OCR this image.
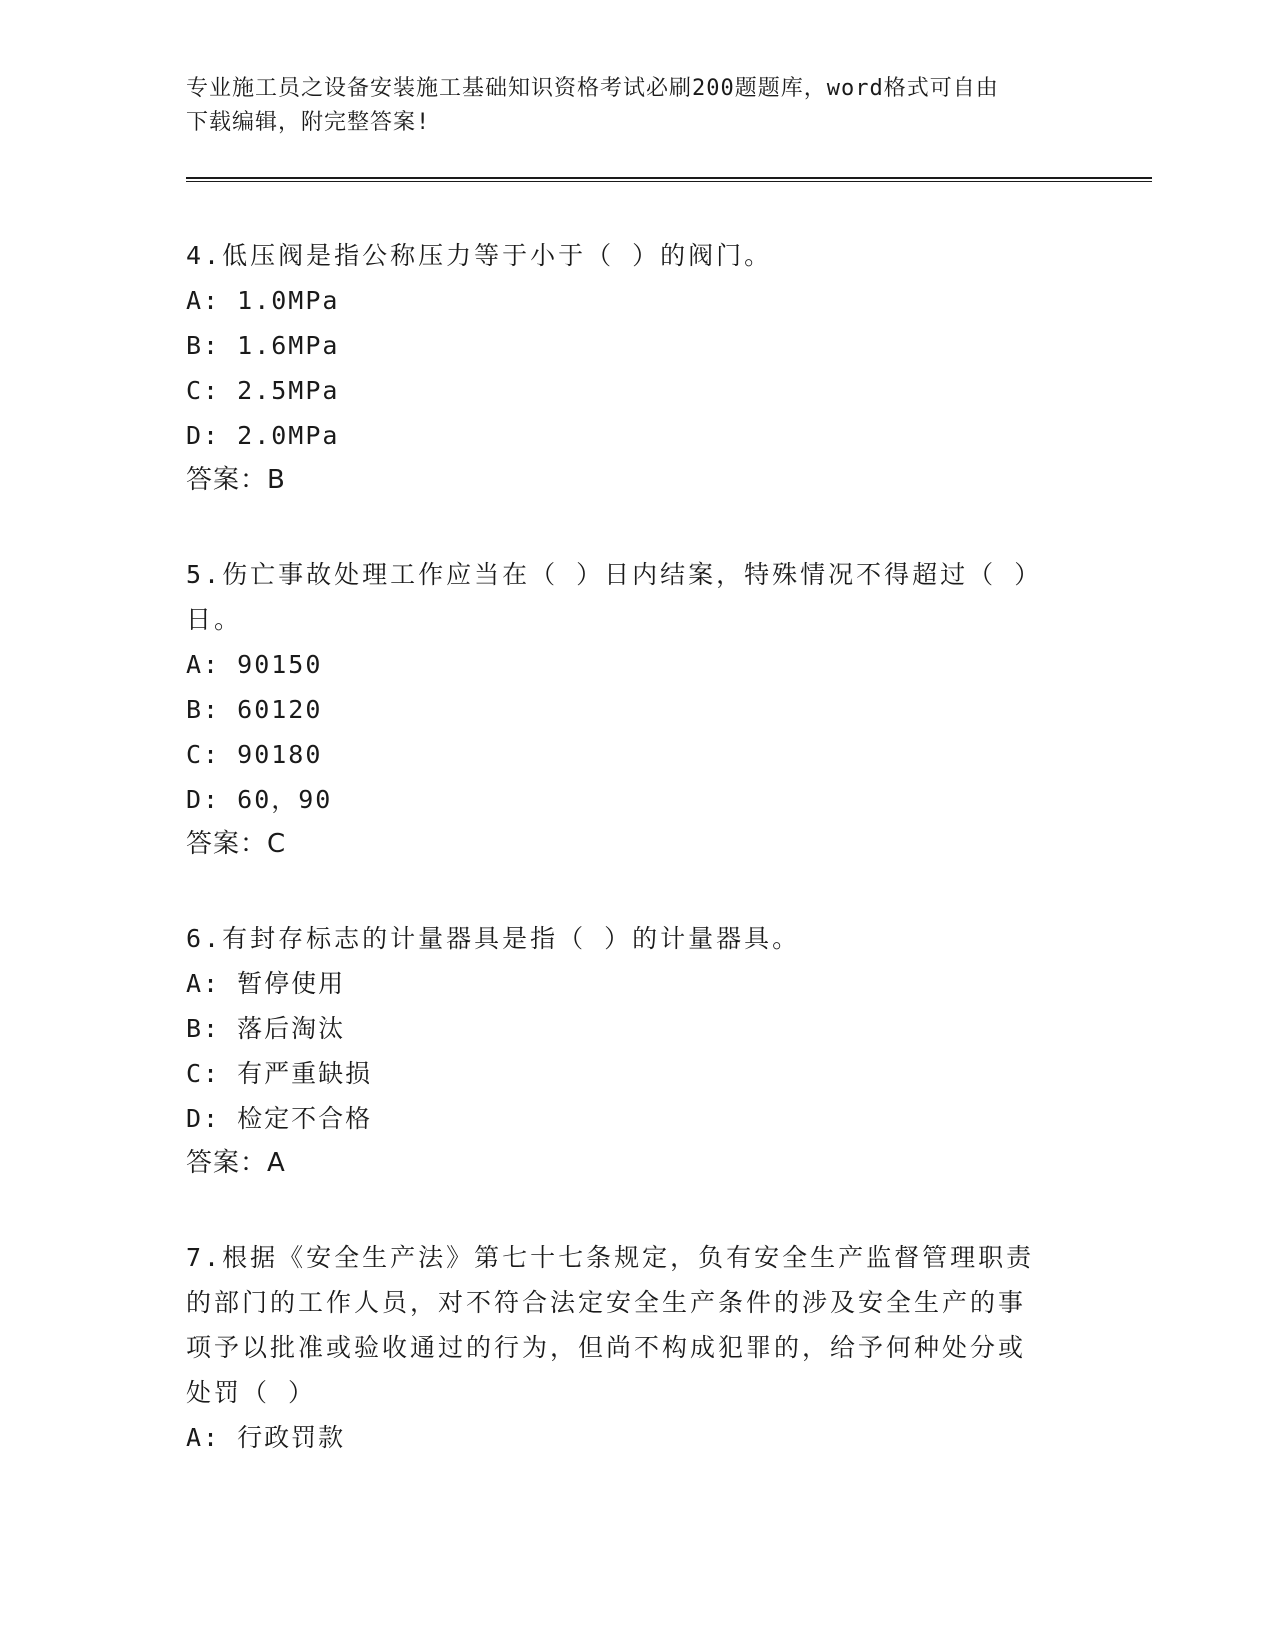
专业施工员之设备安装施工基础知识资格考试必刷200题题库，word格式可自由
下载编辑，附完整答案!
4.低压阀是指公称压力等于小于（ ）的阀门。
A: 1.0MPa
B: 1.6MPa
C: 2.5MPa
D: 2.0MPa
答案：B
5.伤亡事故处理工作应当在（ ）日内结案，特殊情况不得超过（ ）
日。
A: 90150
B: 60120
C: 90180
D: 60，90
答案：C
6.有封存标志的计量器具是指（ ）的计量器具。
A: 暂停使用
B: 落后淘汰
C: 有严重缺损
D: 检定不合格
答案：A
7.根据《安全生产法》第七十七条规定，负有安全生产监督管理职责
的部门的工作人员，对不符合法定安全生产条件的涉及安全生产的事
项予以批准或验收通过的行为，但尚不构成犯罪的，给予何种处分或
处罚（ ）
A: 行政罚款
